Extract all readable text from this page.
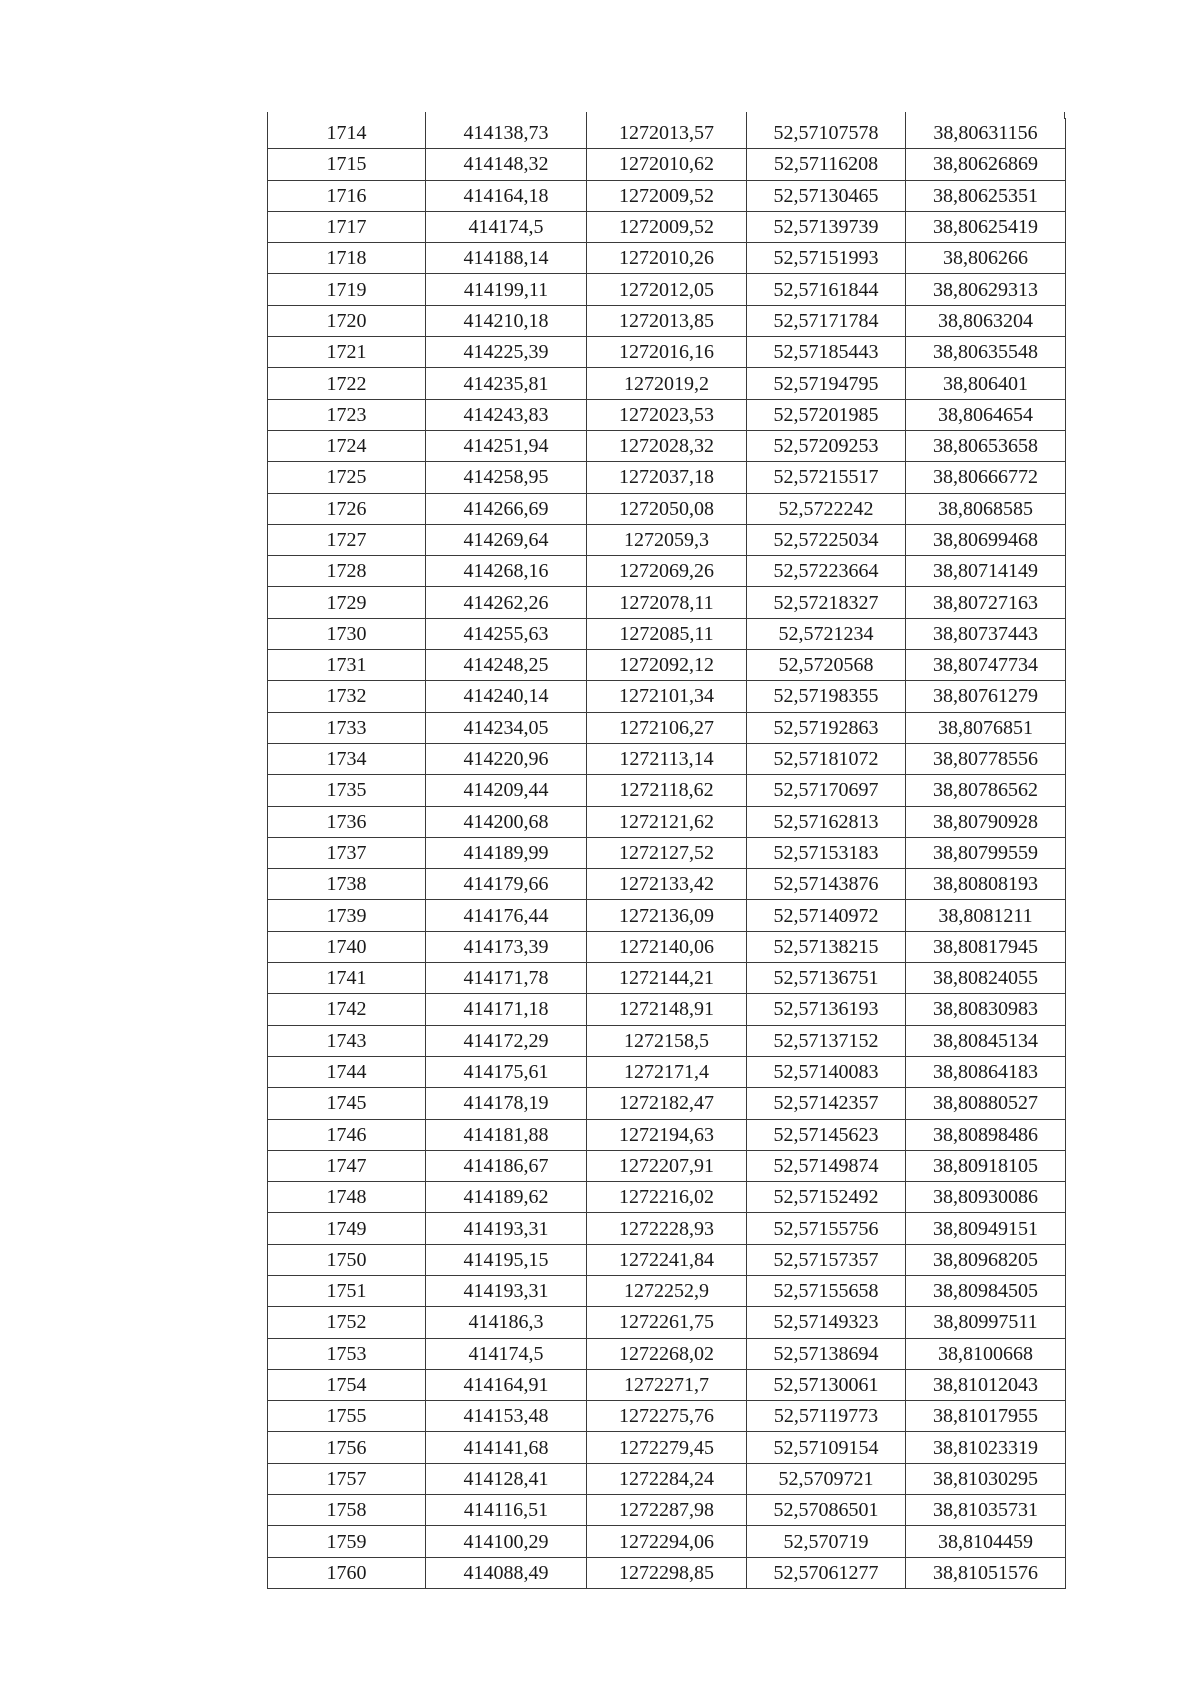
1714	414138,73	1272013,57	52,57107578	38,80631156
1715	414148,32	1272010,62	52,57116208	38,80626869
1716	414164,18	1272009,52	52,57130465	38,80625351
1717	414174,5	1272009,52	52,57139739	38,80625419
1718	414188,14	1272010,26	52,57151993	38,806266
1719	414199,11	1272012,05	52,57161844	38,80629313
1720	414210,18	1272013,85	52,57171784	38,8063204
1721	414225,39	1272016,16	52,57185443	38,80635548
1722	414235,81	1272019,2	52,57194795	38,806401
1723	414243,83	1272023,53	52,57201985	38,8064654
1724	414251,94	1272028,32	52,57209253	38,80653658
1725	414258,95	1272037,18	52,57215517	38,80666772
1726	414266,69	1272050,08	52,5722242	38,8068585
1727	414269,64	1272059,3	52,57225034	38,80699468
1728	414268,16	1272069,26	52,57223664	38,80714149
1729	414262,26	1272078,11	52,57218327	38,80727163
1730	414255,63	1272085,11	52,5721234	38,80737443
1731	414248,25	1272092,12	52,5720568	38,80747734
1732	414240,14	1272101,34	52,57198355	38,80761279
1733	414234,05	1272106,27	52,57192863	38,8076851
1734	414220,96	1272113,14	52,57181072	38,80778556
1735	414209,44	1272118,62	52,57170697	38,80786562
1736	414200,68	1272121,62	52,57162813	38,80790928
1737	414189,99	1272127,52	52,57153183	38,80799559
1738	414179,66	1272133,42	52,57143876	38,80808193
1739	414176,44	1272136,09	52,57140972	38,8081211
1740	414173,39	1272140,06	52,57138215	38,80817945
1741	414171,78	1272144,21	52,57136751	38,80824055
1742	414171,18	1272148,91	52,57136193	38,80830983
1743	414172,29	1272158,5	52,57137152	38,80845134
1744	414175,61	1272171,4	52,57140083	38,80864183
1745	414178,19	1272182,47	52,57142357	38,80880527
1746	414181,88	1272194,63	52,57145623	38,80898486
1747	414186,67	1272207,91	52,57149874	38,80918105
1748	414189,62	1272216,02	52,57152492	38,80930086
1749	414193,31	1272228,93	52,57155756	38,80949151
1750	414195,15	1272241,84	52,57157357	38,80968205
1751	414193,31	1272252,9	52,57155658	38,80984505
1752	414186,3	1272261,75	52,57149323	38,80997511
1753	414174,5	1272268,02	52,57138694	38,8100668
1754	414164,91	1272271,7	52,57130061	38,81012043
1755	414153,48	1272275,76	52,57119773	38,81017955
1756	414141,68	1272279,45	52,57109154	38,81023319
1757	414128,41	1272284,24	52,5709721	38,81030295
1758	414116,51	1272287,98	52,57086501	38,81035731
1759	414100,29	1272294,06	52,570719	38,8104459
1760	414088,49	1272298,85	52,57061277	38,81051576
